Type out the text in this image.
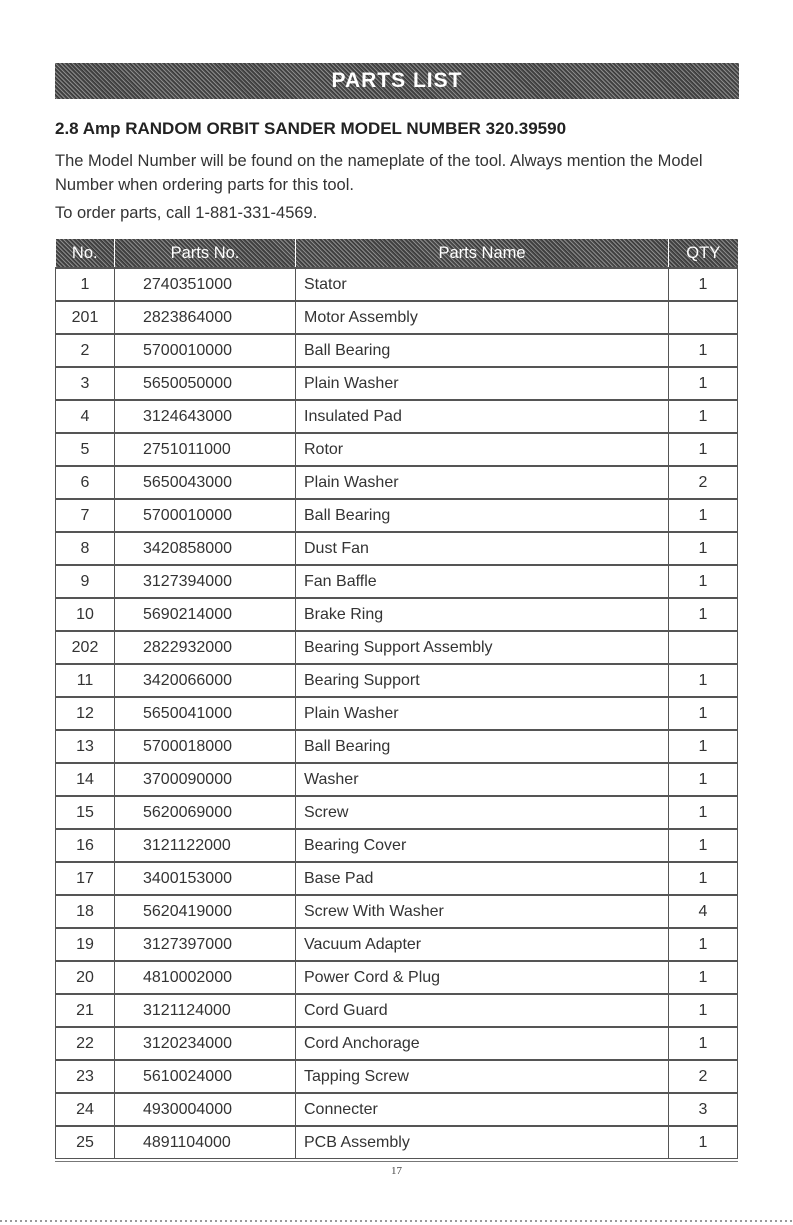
PARTS LIST
2.8 Amp RANDOM ORBIT SANDER MODEL NUMBER 320.39590
The Model Number will be found on the nameplate of the tool. Always mention the Model Number when ordering parts for this tool.
To order parts, call 1-881-331-4569.
No.	Parts No.	Parts Name	QTY
1	2740351000	Stator	1
201	2823864000	Motor Assembly	
2	5700010000	Ball Bearing	1
3	5650050000	Plain Washer	1
4	3124643000	Insulated Pad	1
5	2751011000	Rotor	1
6	5650043000	Plain Washer	2
7	5700010000	Ball Bearing	1
8	3420858000	Dust Fan	1
9	3127394000	Fan Baffle	1
10	5690214000	Brake Ring	1
202	2822932000	Bearing Support Assembly	
11	3420066000	Bearing Support	1
12	5650041000	Plain Washer	1
13	5700018000	Ball Bearing	1
14	3700090000	Washer	1
15	5620069000	Screw	1
16	3121122000	Bearing Cover	1
17	3400153000	Base Pad	1
18	5620419000	Screw With Washer	4
19	3127397000	Vacuum Adapter	1
20	4810002000	Power Cord & Plug	1
21	3121124000	Cord Guard	1
22	3120234000	Cord Anchorage	1
23	5610024000	Tapping Screw	2
24	4930004000	Connecter	3
25	4891104000	PCB Assembly	1
17
